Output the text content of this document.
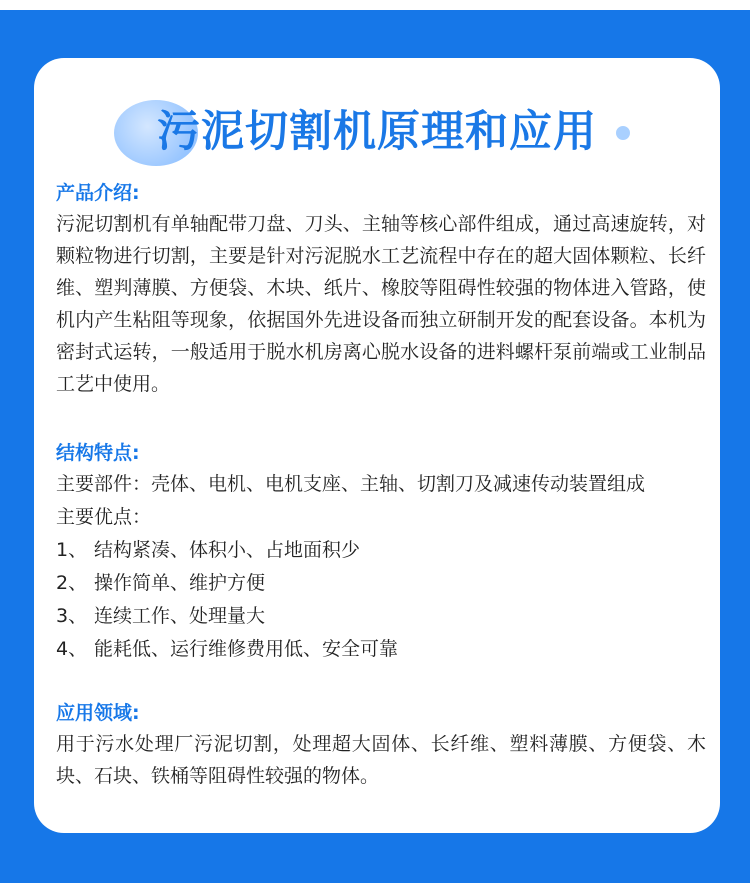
污泥切割机原理和应用

产品介绍:

污泥切割机有单轴配带刀盘、刀头、主轴等核心部件组成，通过高速旋转，对颗粒物进行切割，主要是针对污泥脱水工艺流程中存在的超大固体颗粒、长纤维、塑判薄膜、方便袋、木块、纸片、橡胶等阻碍性较强的物体进入管路，使机内产生粘阻等现象，依据国外先进设备而独立研制开发的配套设备。本机为密封式运转，一般适用于脱水机房离心脱水设备的进料螺杆泵前端或工业制品工艺中使用。

结构特点:

主要部件：壳体、电机、电机支座、主轴、切割刀及减速传动装置组成
主要优点：
1、 结构紧凑、体积小、占地面积少
2、 操作简单、维护方便
3、 连续工作、处理量大
4、 能耗低、运行维修费用低、安全可靠

应用领域:

用于污水处理厂污泥切割，处理超大固体、长纤维、塑料薄膜、方便袋、木块、石块、铁桶等阻碍性较强的物体。
